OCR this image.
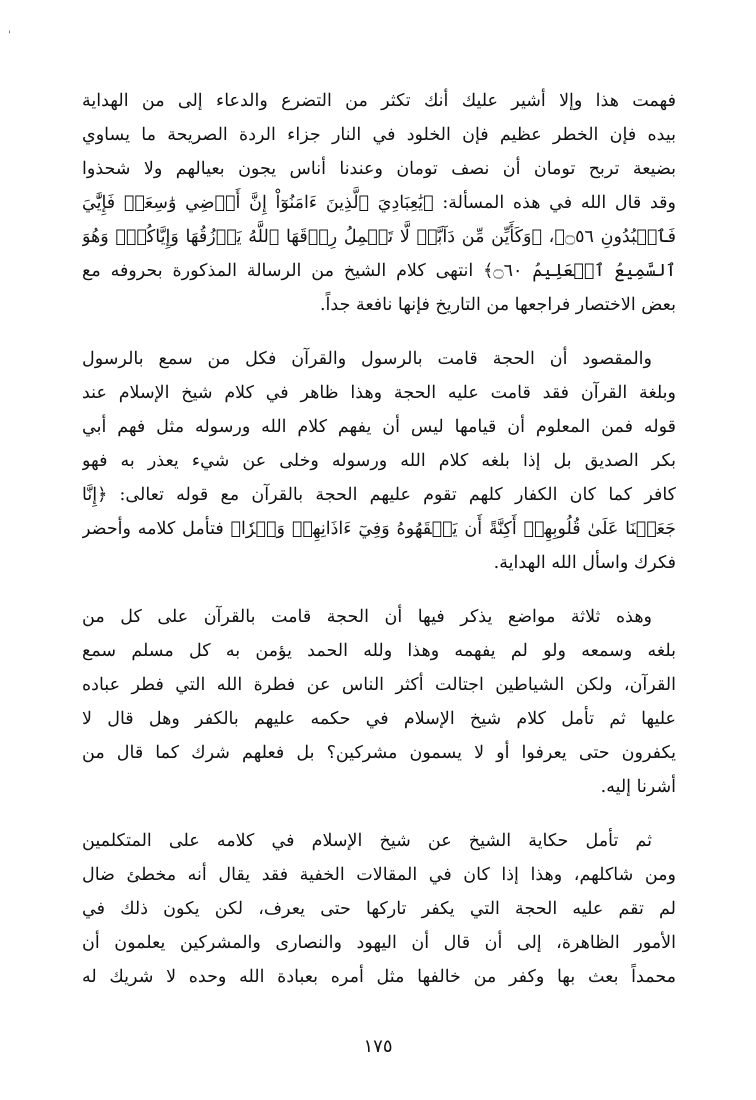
'
فهمت هذا وإلا أشير عليك أنك تكثر من التضرع والدعاء إلى من الهداية
بيده فإن الخطر عظيم فإن الخلود في النار جزاء الردة الصريحة ما يساوي
بضيعة تربح تومان أن نصف تومان وعندنا أناس يجون بعيالهم ولا شحذوا
وقد قال الله في هذه المسألة: ﴿يَٰعِبَادِيَ ٱلَّذِينَ ءَامَنُوٓاْ إِنَّ أَرۡضِي وَٰسِعَةٞ فَإِيَّٰيَ
فَٱعۡبُدُونِ ۝٥٦﴾، ﴿وَكَأَيِّن مِّن دَآبَّةٖ لَّا تَحۡمِلُ رِزۡقَهَا ٱللَّهُ يَرۡزُقُهَا وَإِيَّاكُمۡۚ وَهُوَ
ٱلسَّمِيعُ ٱلۡعَلِيمُ ۝٦٠﴾ انتهى كلام الشيخ من الرسالة المذكورة بحروفه مع
بعض الاختصار فراجعها من التاريخ فإنها نافعة جداً.
والمقصود أن الحجة قامت بالرسول والقرآن فكل من سمع بالرسول
وبلغة القرآن فقد قامت عليه الحجة وهذا ظاهر في كلام شيخ الإسلام عند
قوله فمن المعلوم أن قيامها ليس أن يفهم كلام الله ورسوله مثل فهم أبي
بكر الصديق بل إذا بلغه كلام الله ورسوله وخلى عن شيء يعذر به فهو
كافر كما كان الكفار كلهم تقوم عليهم الحجة بالقرآن مع قوله تعالى: ﴿إِنَّا
جَعَلۡنَا عَلَىٰ قُلُوبِهِمۡ أَكِنَّةً أَن يَفۡقَهُوهُ وَفِيٓ ءَاذَانِهِمۡ وَقۡرٗا﴾ فتأمل كلامه وأحضر
فكرك واسأل الله الهداية.
وهذه ثلاثة مواضع يذكر فيها أن الحجة قامت بالقرآن على كل من
بلغه وسمعه ولو لم يفهمه وهذا ولله الحمد يؤمن به كل مسلم سمع
القرآن، ولكن الشياطين اجتالت أكثر الناس عن فطرة الله التي فطر عباده
عليها ثم تأمل كلام شيخ الإسلام في حكمه عليهم بالكفر وهل قال لا
يكفرون حتى يعرفوا أو لا يسمون مشركين؟ بل فعلهم شرك كما قال من
أشرنا إليه.
ثم تأمل حكاية الشيخ عن شيخ الإسلام في كلامه على المتكلمين
ومن شاكلهم، وهذا إذا كان في المقالات الخفية فقد يقال أنه مخطئ ضال
لم تقم عليه الحجة التي يكفر تاركها حتى يعرف، لكن يكون ذلك في
الأمور الظاهرة، إلى أن قال أن اليهود والنصارى والمشركين يعلمون أن
محمداً بعث بها وكفر من خالفها مثل أمره بعبادة الله وحده لا شريك له
١٧٥
